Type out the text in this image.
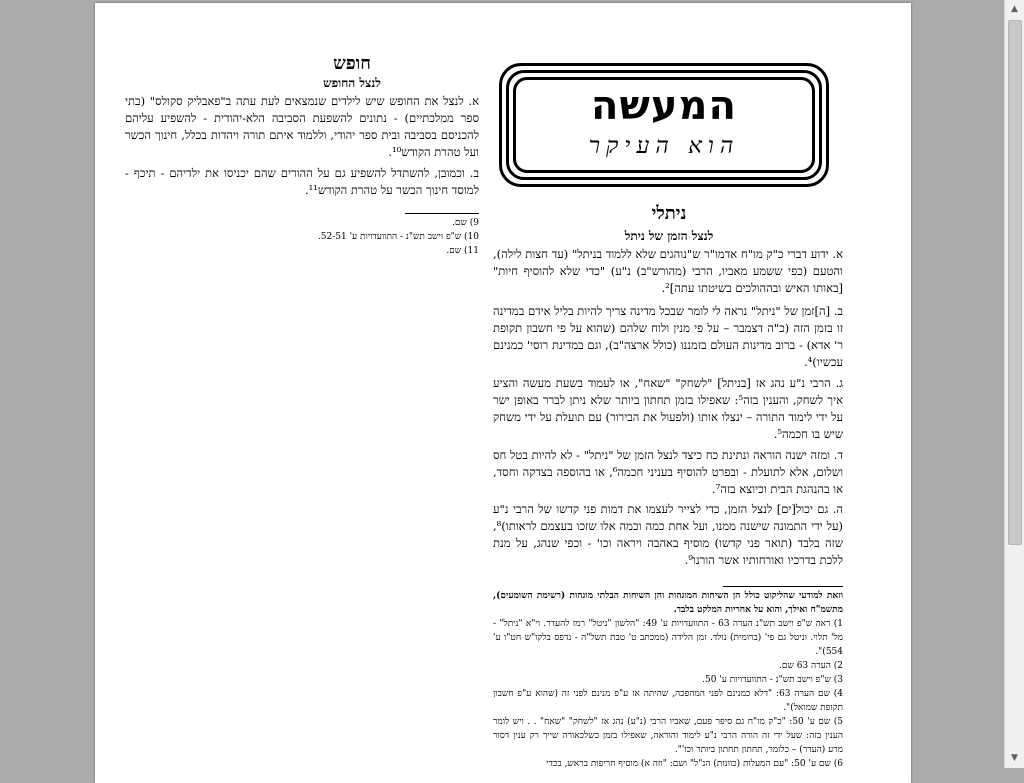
המעשה
הוא העיקר
ניתלי
לנצל הזמן של ניתל
א. ידוע דברי כ"ק מו"ח אדמו"ר ש"נוהגים שלא ללמוד בניתל" (עד חצות לילה), והטעם (כפי ששמע מאביו, הרבי (מהורש"ב) נ"ע) "כדי שלא להוסיף חיות" [באותו האיש ובההולכים בשיטתו עתה]².
ב. [ה]זמן של "ניתל" נראה לי לומר שבכל מדינה צריך להיות בליל אידם במדינה זו בזמן הזה (כ"ה דצמבר – על פי מנין ולוח שלהם (שהוא על פי חשבון תקופת ר' אדא) - ברוב מדינות העולם בזמננו (כולל ארצה"ב), וגם במדינת רוסי' כמנינם עכשיו)⁴.
ג. הרבי נ"ע נהג אז [בניתל] "לשחק" "שאח", או לעמוד בשעת מעשה והציע איך לשחק, והענין בזה⁵: שאפילו בזמן תחתון ביותר שלא ניתן לברר באופן ישר על ידי לימוד התורה – ינצלו אותו (ולפעול את הבירור) עם תועלת על ידי משחק שיש בו חכמה⁵.
ד. ומזה ישנה הוראה ונתינת כח כיצד לנצל הזמן של "ניתל" - לא להיות בטל חס ושלום, אלא לתועלת - ובפרט להוסיף בעניני חכמה⁶, או בהוספה בצדקה וחסד, או בהנהגת הבית וכיוצא בזה⁷.
ה. גם יכול[ים] לנצל הזמן, כדי לצייר לעצמו את דמות פני קדשו של הרבי נ"ע (על ידי התמונה שישנה ממנו, ועל אחת כמה וכמה אלו שזכו בעצמם לראותו)⁸, שזה בלבד (תואר פני קדשו) מוסיף באהבה ויראה וכו' - וכפי שנהג, על מנת ללכת בדרכיו ואורחותיו אשר הורנו⁹.
וזאת למודעי שהליקוט כולל הן השיחות המוגהות והן השיחות הבלתי מוגהות (רשימת השומעים), מתשמ"ח ואילך, והוא על אחריות המלקט בלבד.
1) ראה ש"פ וישב תש"נ הערה 63 - התוועדויות ע' 49: "הלשון "ניטל" רמז להעדר. וי"א "ניתל" - מל' תלוי. וניטל גם פי' (ברומית) נולד. זמן הלידה (ממכתב ט' טבת תשל"ה - נדפס בלקו"ש חט"ו ע' 554)".
2) הערה 63 שם.
3) ש"פ וישב תש"נ - התוועדויות ע' 50.
4) שם הערה 63: "דלא כמנינם לפני המהפכה, שהיתה אז ע"פ מנינם לפני זה (שהוא ע"פ חשבון תקופת שמואל)".
5) שם ע' 50: "כ"ק מו"ח גם סיפר פעם, שאביו הרבי (נ"ע) נהג אז "לשחק" "שאח" . . ויש לומר הענין בזה: שעל ידי זה הורה הרבי נ"ע לימוד והוראה, שאפילו בזמן כשלכאורה שייך רק ענין דסור מרע (העדר) – כלומר, תחתון תחתון ביותר וכו'".
6) שם ע' 50: "עם המעלות (כוונות) הנ"ל" ושם: "וזה א) מוסיף חריפות בראש, בכדי
חופש
לנצל החופש
א. לנצל את החופש שיש לילדים שנמצאים לעת עתה ב"פאבליק סקולס" (בתי ספר ממלכתיים) - נתונים להשפעת הסביבה הלא-יהודית - להשפיע עליהם להכניסם בסביבה ובית ספר יהודי, וללמוד איתם תורה ויהדות בכלל, חינוך הכשר ועל טהרת הקודש¹⁰.
ב. וכמובן, להשתדל להשפיע גם על ההורים שהם יכניסו את ילדיהם - תיכף - למוסד חינוך הכשר על טהרת הקודש¹¹.
9) שם.
10) ש"פ וישב תש"נ - התוועדויות ע' 52-51.
11) שם.
▲
▼
